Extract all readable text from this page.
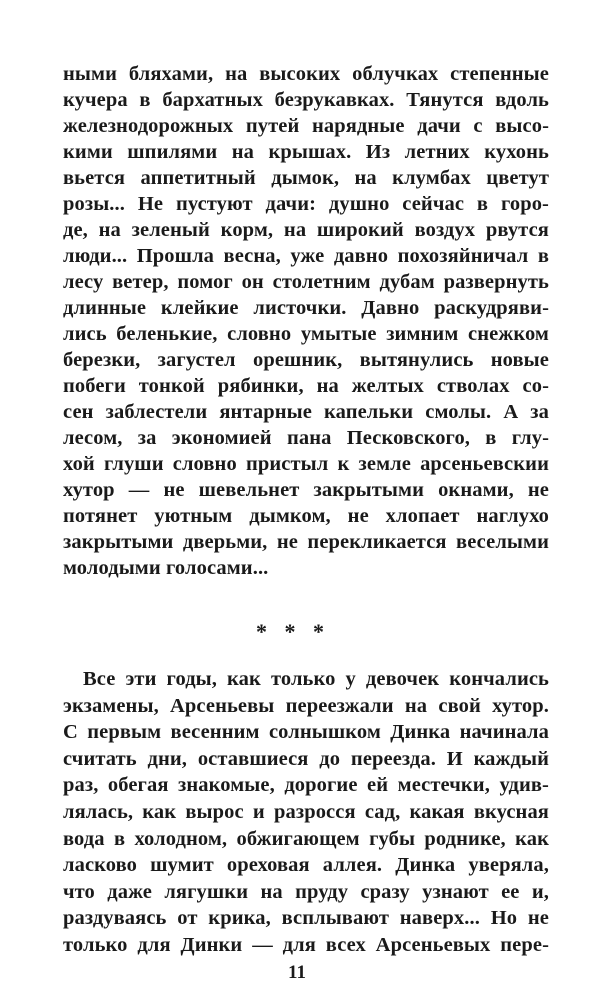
ными бляхами, на высоких облучках степенные
кучера в бархатных безрукавках. Тянутся вдоль
железнодорожных путей нарядные дачи с высо-
кими шпилями на крышах. Из летних кухонь
вьется аппетитный дымок, на клумбах цветут
розы... Не пустуют дачи: душно сейчас в горо-
де, на зеленый корм, на широкий воздух рвутся
люди... Прошла весна, уже давно похозяйничал в
лесу ветер, помог он столетним дубам развернуть
длинные клейкие листочки. Давно раскудряви-
лись беленькие, словно умытые зимним снежком
березки, загустел орешник, вытянулись новые
побеги тонкой рябинки, на желтых стволах со-
сен заблестели янтарные капельки смолы. А за
лесом, за экономией пана Песковского, в глу-
хой глуши словно пристыл к земле арсеньевскии
хутор — не шевельнет закрытыми окнами, не
потянет уютным дымком, не хлопает наглухо
закрытыми дверьми, не перекликается веселыми
молодыми голосами...
* * *
Все эти годы, как только у девочек кончались
экзамены, Арсеньевы переезжали на свой хутор.
С первым весенним солнышком Динка начинала
считать дни, оставшиеся до переезда. И каждый
раз, обегая знакомые, дорогие ей местечки, удив-
лялась, как вырос и разросся сад, какая вкусная
вода в холодном, обжигающем губы роднике, как
ласково шумит ореховая аллея. Динка уверяла,
что даже лягушки на пруду сразу узнают ее и,
раздуваясь от крика, всплывают наверх... Но не
только для Динки — для всех Арсеньевых пере-
11
